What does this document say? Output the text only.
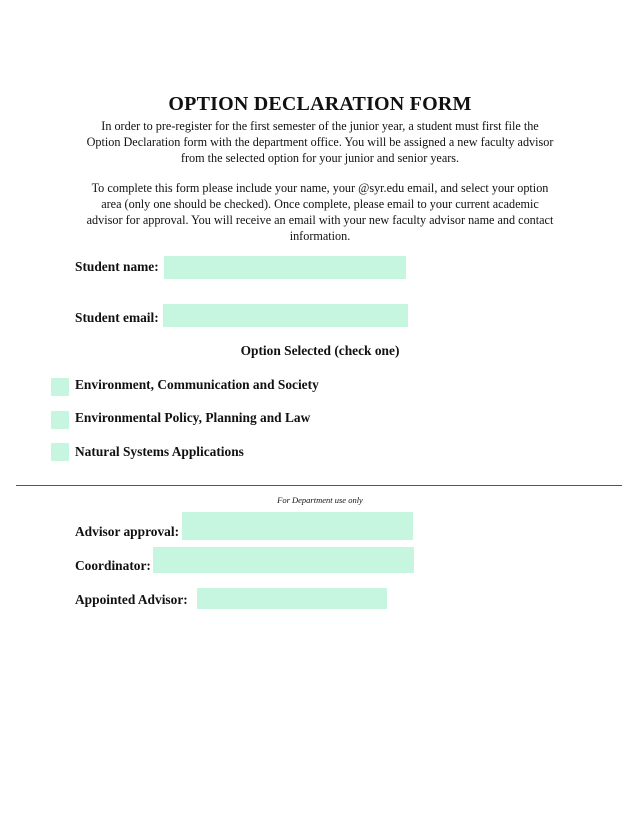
OPTION DECLARATION FORM
In order to pre-register for the first semester of the junior year, a student must first file the
Option Declaration form with the department office. You will be assigned a new faculty advisor
from the selected option for your junior and senior years.
To complete this form please include your name, your @syr.edu email, and select your option
area (only one should be checked). Once complete, please email to your current academic
advisor for approval. You will receive an email with your new faculty advisor name and contact
information.
Student name:
Student email:
Option Selected (check one)
Environment, Communication and Society
Environmental Policy, Planning and Law
Natural Systems Applications
For Department use only
Advisor approval:
Coordinator:
Appointed Advisor:
